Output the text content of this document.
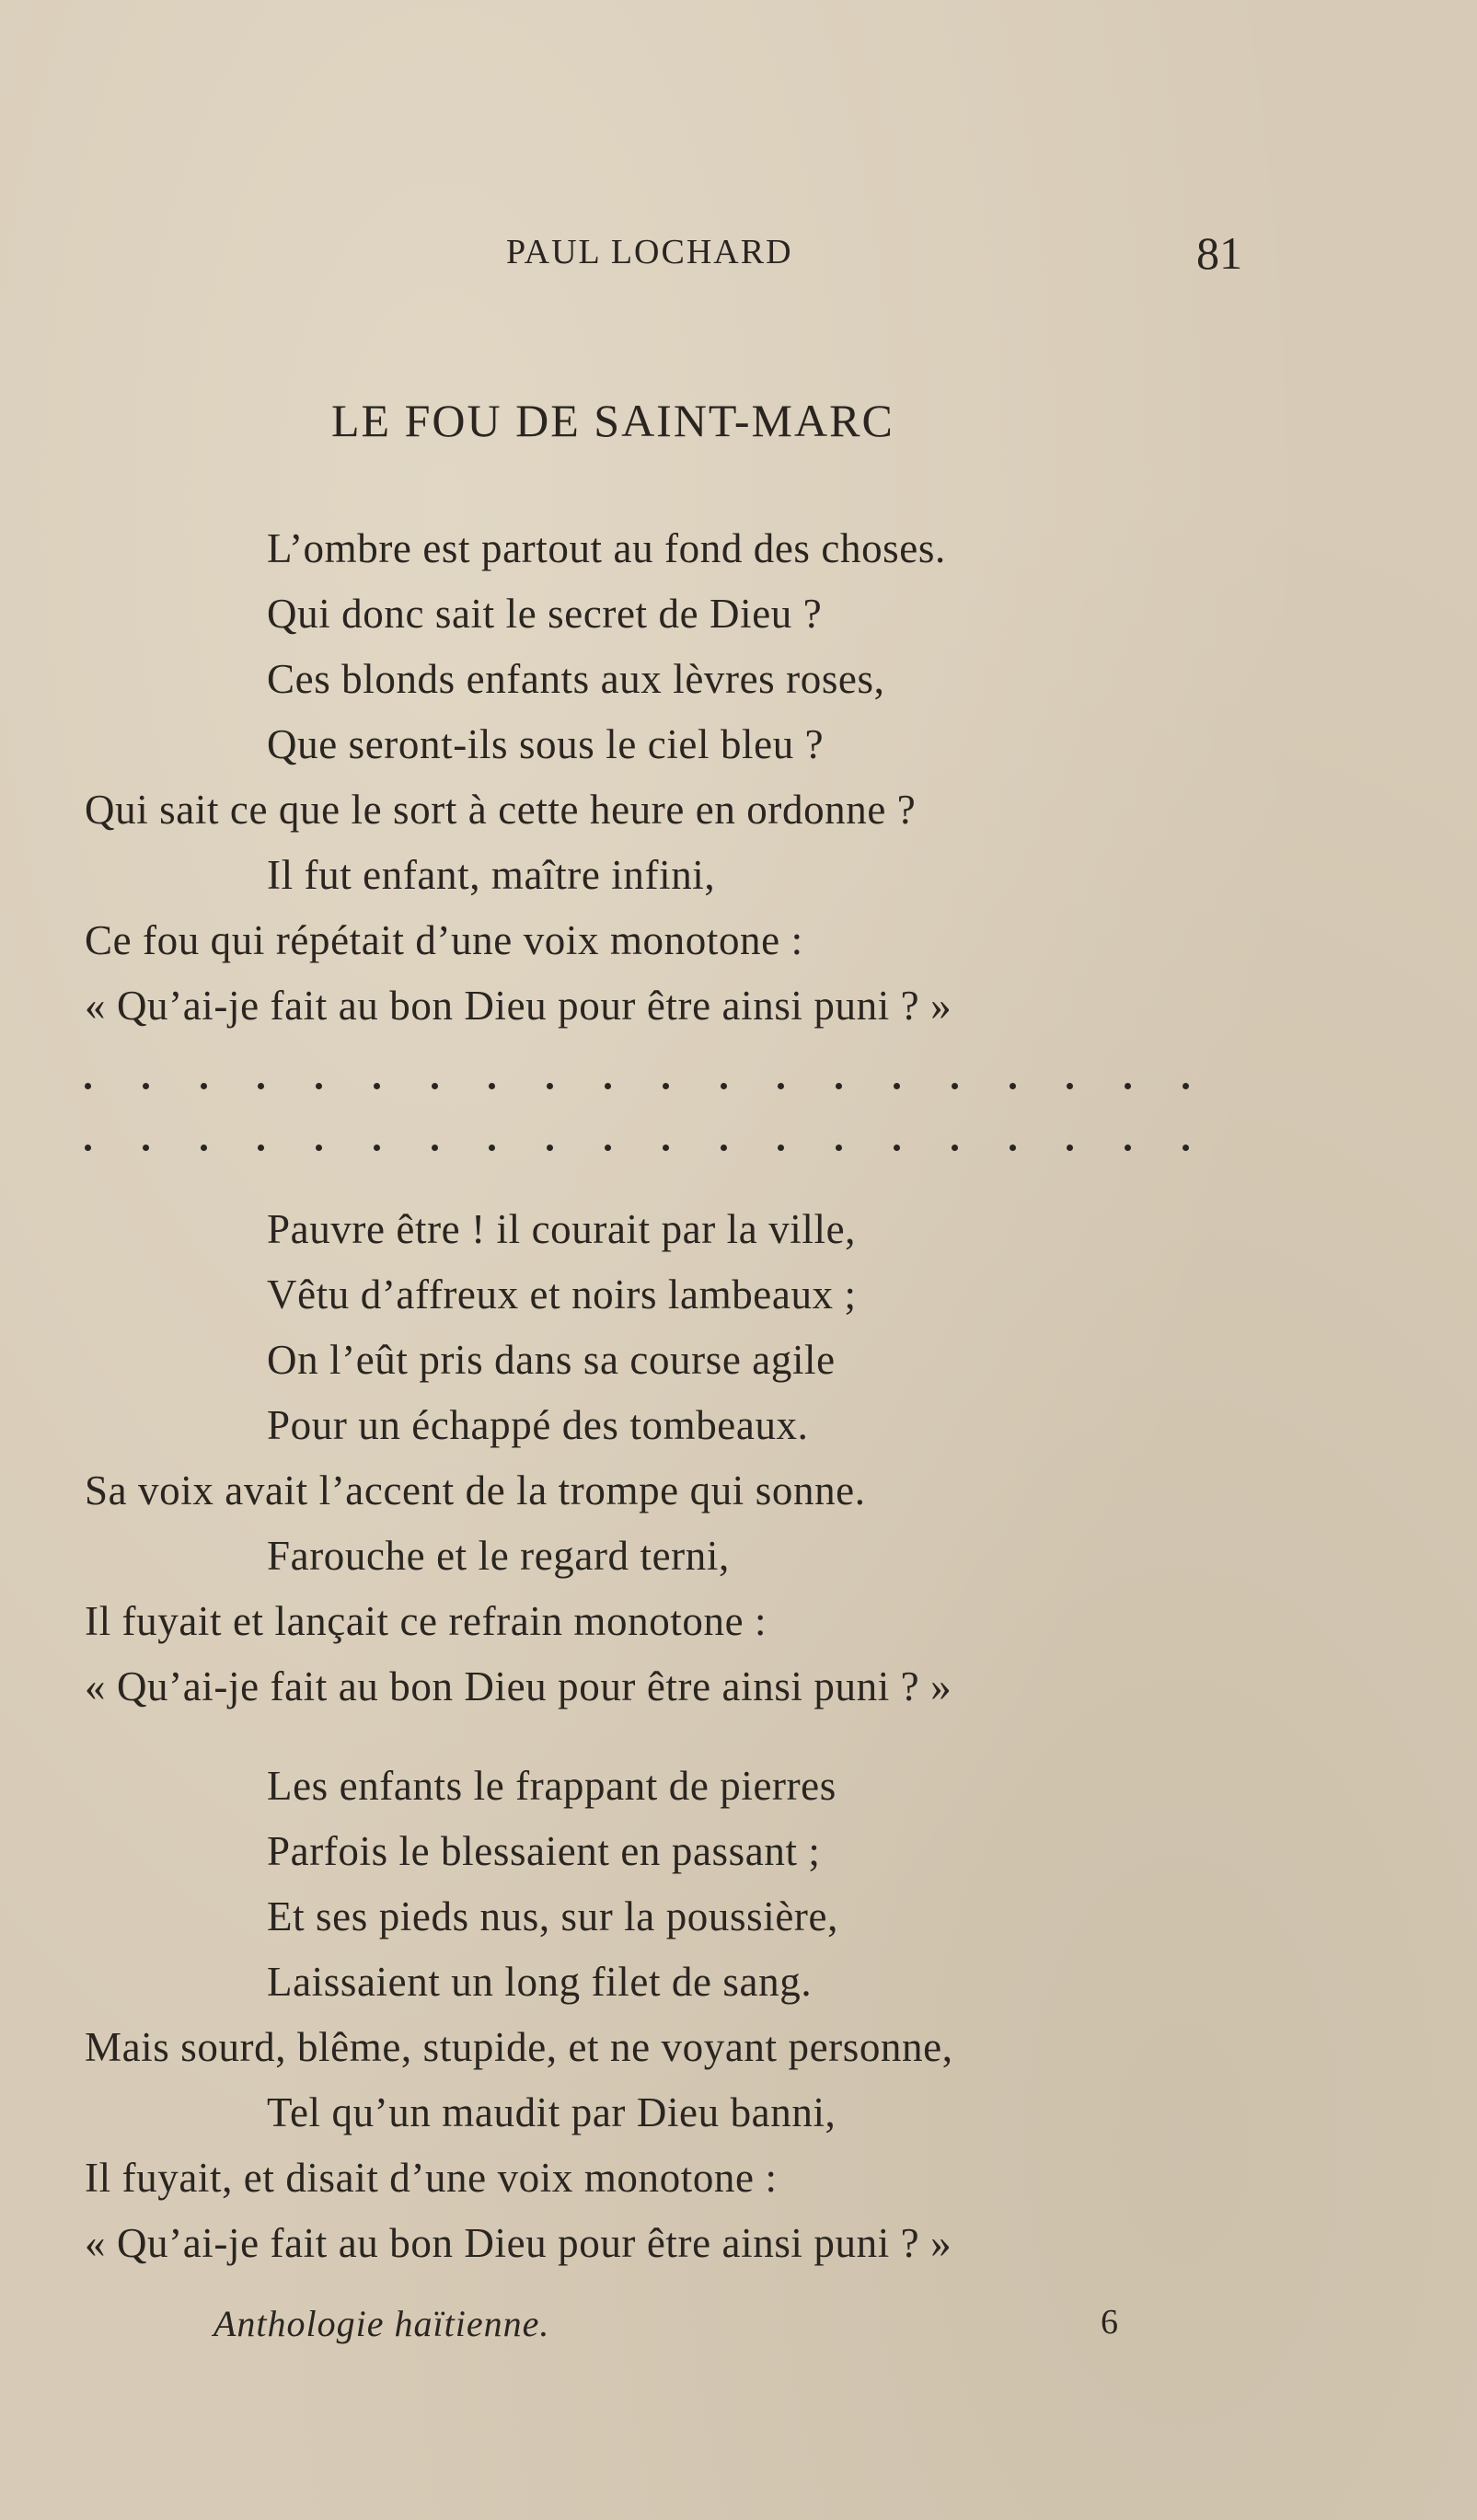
PAUL LOCHARD	81
LE FOU DE SAINT-MARC
L’ombre est partout au fond des choses.
Qui donc sait le secret de Dieu ?
Ces blonds enfants aux lèvres roses,
Que seront-ils sous le ciel bleu ?
Qui sait ce que le sort à cette heure en ordonne ?
Il fut enfant, maître infini,
Ce fou qui répétait d’une voix monotone :
« Qu’ai-je fait au bon Dieu pour être ainsi puni ? »
Pauvre être ! il courait par la ville,
Vêtu d’affreux et noirs lambeaux ;
On l’eût pris dans sa course agile
Pour un échappé des tombeaux.
Sa voix avait l’accent de la trompe qui sonne.
Farouche et le regard terni,
Il fuyait et lançait ce refrain monotone :
« Qu’ai-je fait au bon Dieu pour être ainsi puni ? »
Les enfants le frappant de pierres
Parfois le blessaient en passant ;
Et ses pieds nus, sur la poussière,
Laissaient un long filet de sang.
Mais sourd, blême, stupide, et ne voyant personne,
Tel qu’un maudit par Dieu banni,
Il fuyait, et disait d’une voix monotone :
« Qu’ai-je fait au bon Dieu pour être ainsi puni ? »
Anthologie haïtienne.	6
